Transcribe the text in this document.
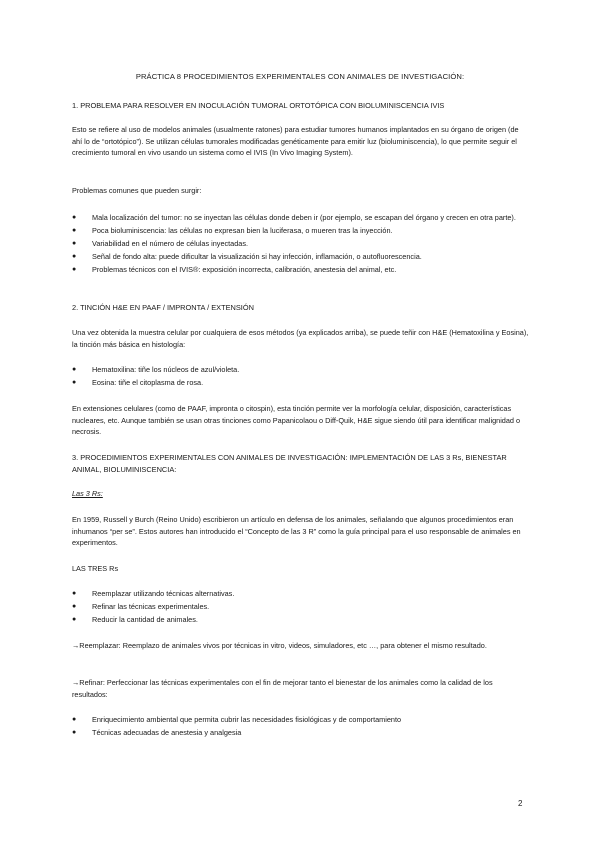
PRÁCTICA 8 PROCEDIMIENTOS EXPERIMENTALES CON ANIMALES DE INVESTIGACIÓN:
1. PROBLEMA PARA RESOLVER EN INOCULACIÓN TUMORAL ORTOTÓPICA CON BIOLUMINISCENCIA IVIS
Esto se refiere al uso de modelos animales (usualmente ratones) para estudiar tumores humanos implantados en su órgano de origen (de ahí lo de “ortotópico”). Se utilizan células tumorales modificadas genéticamente para emitir luz (bioluminiscencia), lo que permite seguir el crecimiento tumoral en vivo usando un sistema como el IVIS (In Vivo Imaging System).
Problemas comunes que pueden surgir:
● Mala localización del tumor: no se inyectan las células donde deben ir (por ejemplo, se escapan del órgano y crecen en otra parte).
● Poca bioluminiscencia: las células no expresan bien la luciferasa, o mueren tras la inyección.
● Variabilidad en el número de células inyectadas.
● Señal de fondo alta: puede dificultar la visualización si hay infección, inflamación, o autofluorescencia.
● Problemas técnicos con el IVIS®: exposición incorrecta, calibración, anestesia del animal, etc.
2. TINCIÓN H&E EN PAAF / IMPRONTA / EXTENSIÓN
Una vez obtenida la muestra celular por cualquiera de esos métodos (ya explicados arriba), se puede teñir con H&E (Hematoxilina y Eosina), la tinción más básica en histología:
● Hematoxilina: tiñe los núcleos de azul/violeta.
● Eosina: tiñe el citoplasma de rosa.
En extensiones celulares (como de PAAF, impronta o citospin), esta tinción permite ver la morfología celular, disposición, características nucleares, etc. Aunque también se usan otras tinciones como Papanicolaou o Diff-Quik, H&E sigue siendo útil para identificar malignidad o necrosis.
3. PROCEDIMIENTOS EXPERIMENTALES CON ANIMALES DE INVESTIGACIÓN: IMPLEMENTACIÓN DE LAS 3 Rs, BIENESTAR ANIMAL, BIOLUMINISCENCIA:
Las 3 Rs:
En 1959, Russell y Burch (Reino Unido) escribieron un artículo en defensa de los animales, señalando que algunos procedimientos eran inhumanos “per se”. Estos autores han introducido el “Concepto de las 3 R” como la guía principal para el uso responsable de animales en experimentos.
LAS TRES Rs
● Reemplazar utilizando técnicas alternativas.
● Refinar las técnicas experimentales.
● Reducir la cantidad de animales.
→Reemplazar: Reemplazo de animales vivos por técnicas in vitro, videos, simuladores, etc …, para obtener el mismo resultado.
→Refinar: Perfeccionar las técnicas experimentales con el fin de mejorar tanto el bienestar de los animales como la calidad de los resultados:
● Enriquecimiento ambiental que permita cubrir las necesidades fisiológicas y de comportamiento
● Técnicas adecuadas de anestesia y analgesia
2
